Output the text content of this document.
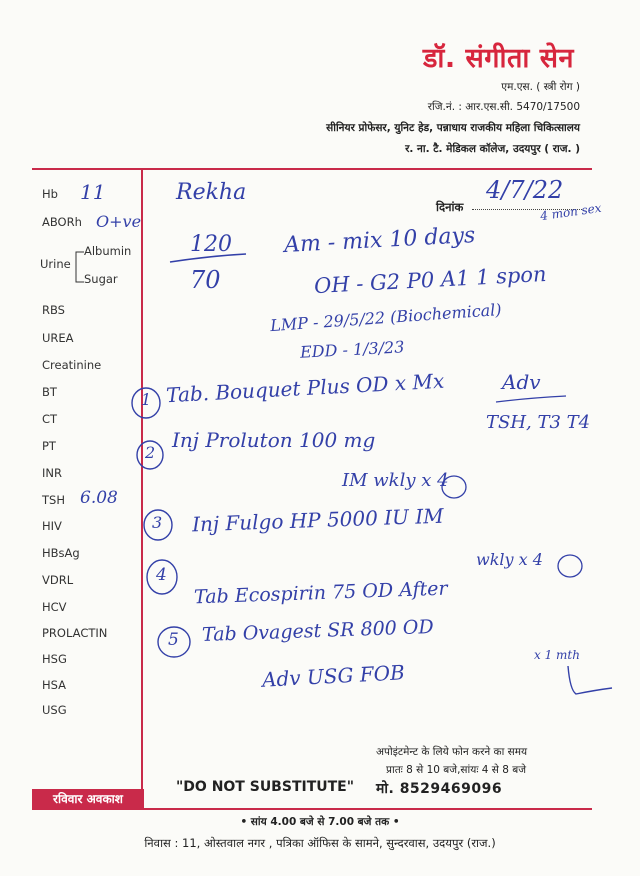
डॉ. संगीता सेन
एम.एस. ( स्त्री रोग )
रजि.नं. : आर.एस.सी. 5470/17500
सीनियर प्रोफेसर, युनिट हेड, पन्नाधाय राजकीय महिला चिकित्सालय
र. ना. टै. मेडिकल कॉलेज, उदयपुर ( राज. )
Hb
ABORh
Urine
Albumin
Sugar
RBS
UREA
Creatinine
BT
CT
PT
INR
TSH
HIV
HBsAg
VDRL
HCV
PROLACTIN
HSG
HSA
USG
दिनांक
Rekha	4/7/22
4 mon sex
11
O+ve
120
70
Am - mix 10 days
OH - G2 P0 A1 1 spon
LMP - 29/5/22 (Biochemical)
EDD - 1/3/23
1 Tab. Bouquet Plus OD x Mx	Adv
TSH, T3 T4
2
Inj Proluton 100 mg
IM wkly x 4
6.08
3 Inj Fulgo HP 5000 IU IM
wkly x 4
4
Tab Ecospirin 75 OD After
5 Tab Ovagest SR 800 OD
x 1 mth
Adv USG FOB
अपोइंटमेन्ट के लिये फोन करने का समय
प्रातः 8 से 10 बजे,सांयः 4 से 8 बजे
मो. 8529469096
"DO NOT SUBSTITUTE"
रविवार अवकाश
• सांय 4.00 बजे से 7.00 बजे तक •
निवास : 11, ओस्तवाल नगर , पत्रिका ऑफिस के सामने, सुन्दरवास, उदयपुर (राज.)
